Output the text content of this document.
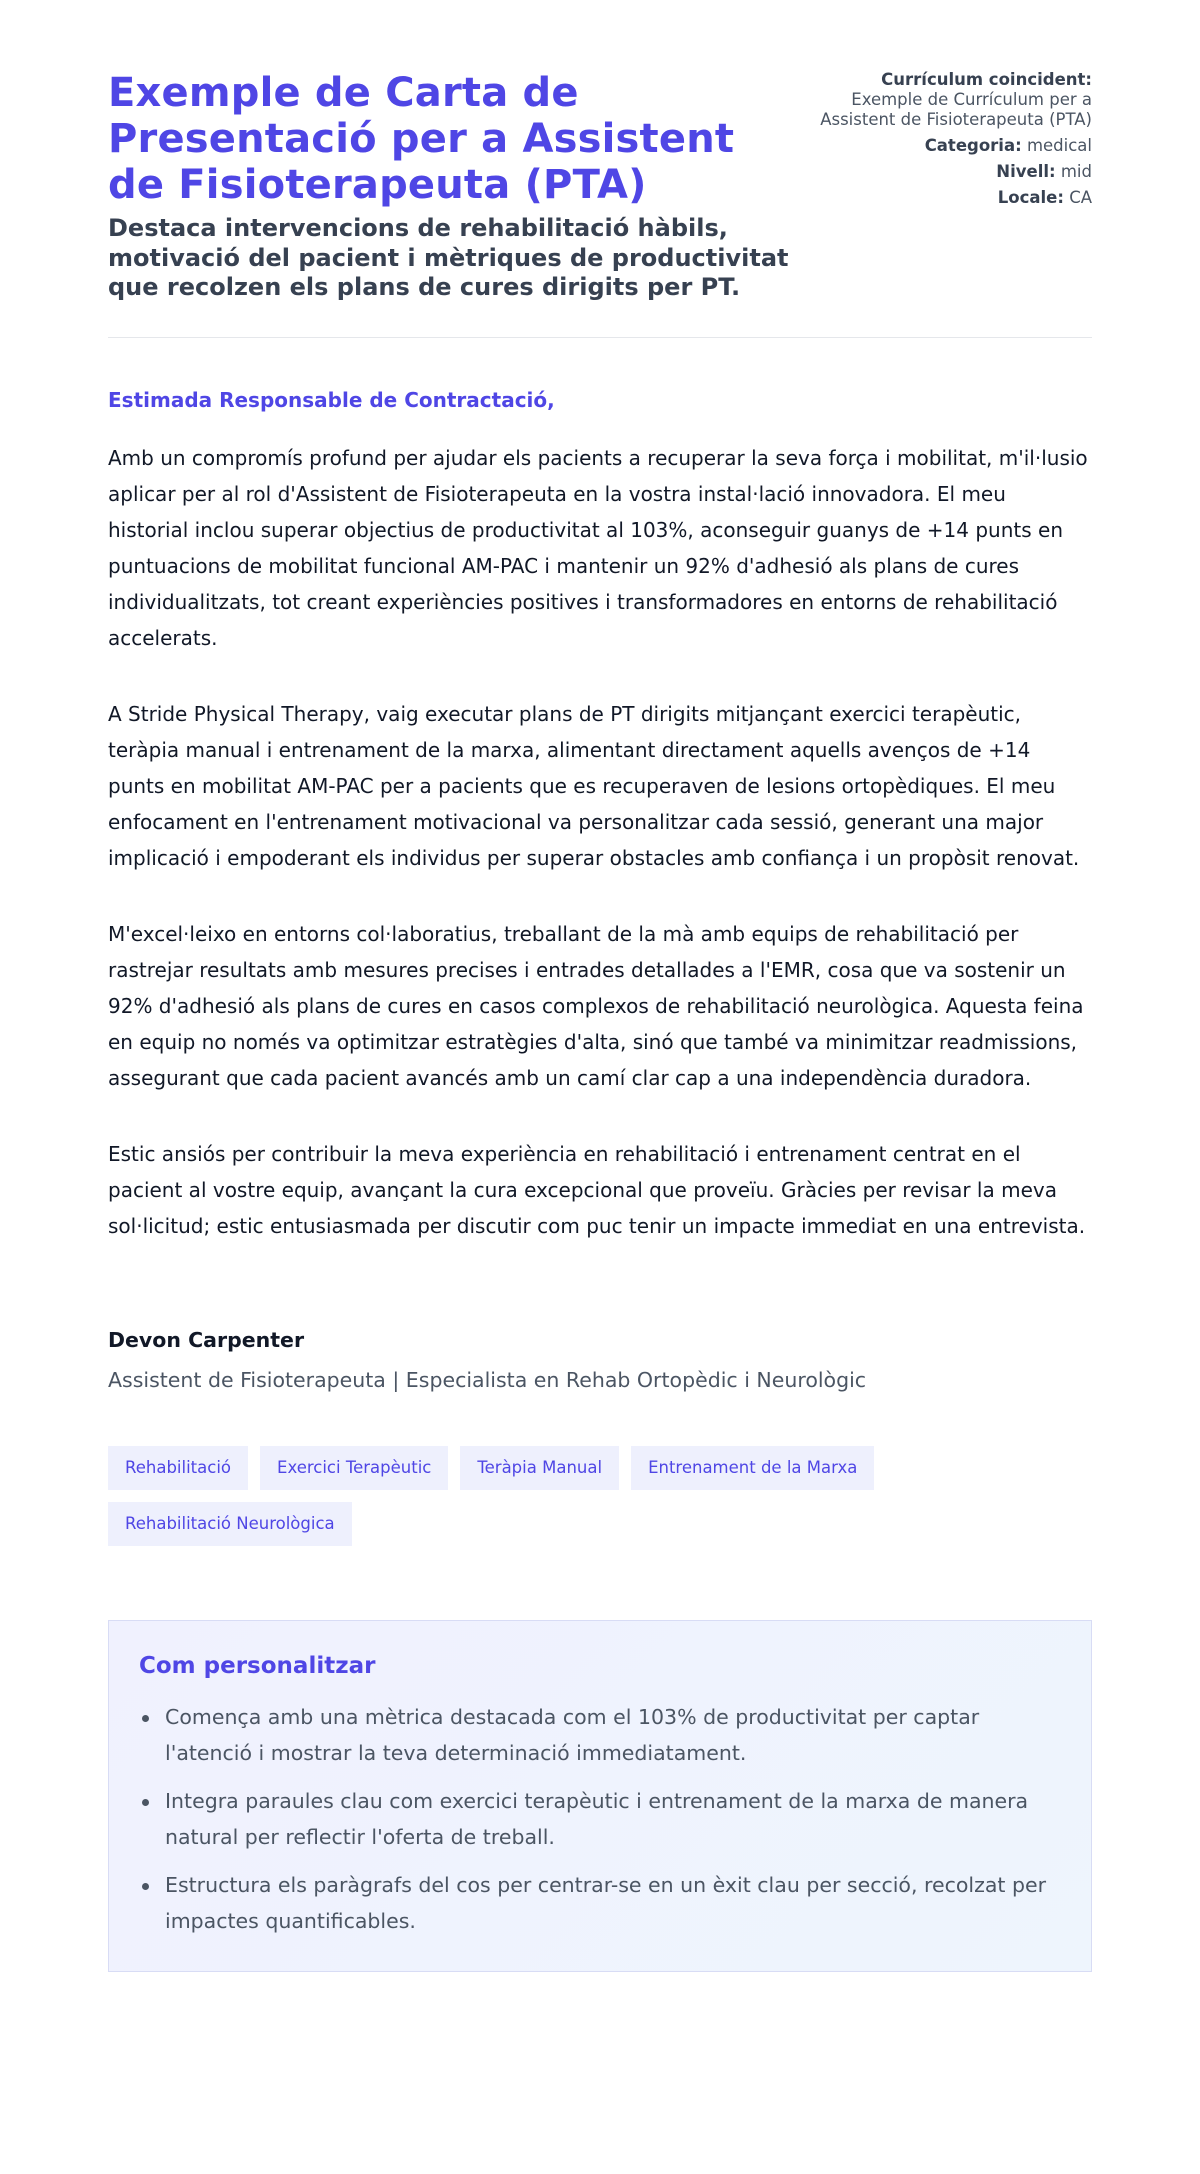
Exemple de Carta de Presentació per a Assistent de Fisioterapeuta (PTA)
Destaca intervencions de rehabilitació hàbils, motivació del pacient i mètriques de productivitat que recolzen els plans de cures dirigits per PT.
Currículum coincident:
Exemple de Currículum per a Assistent de Fisioterapeuta (PTA)
Categoria: medical
Nivell: mid
Locale: CA

Estimada Responsable de Contractació,

Amb un compromís profund per ajudar els pacients a recuperar la seva força i mobilitat, m'il·lusio aplicar per al rol d'Assistent de Fisioterapeuta en la vostra instal·lació innovadora. El meu historial inclou superar objectius de productivitat al 103%, aconseguir guanys de +14 punts en puntuacions de mobilitat funcional AM-PAC i mantenir un 92% d'adhesió als plans de cures individualitzats, tot creant experiències positives i transformadores en entorns de rehabilitació accelerats.

A Stride Physical Therapy, vaig executar plans de PT dirigits mitjançant exercici terapèutic, teràpia manual i entrenament de la marxa, alimentant directament aquells avenços de +14 punts en mobilitat AM-PAC per a pacients que es recuperaven de lesions ortopèdiques. El meu enfocament en l'entrenament motivacional va personalitzar cada sessió, generant una major implicació i empoderant els individus per superar obstacles amb confiança i un propòsit renovat.

M'excel·leixo en entorns col·laboratius, treballant de la mà amb equips de rehabilitació per rastrejar resultats amb mesures precises i entrades detallades a l'EMR, cosa que va sostenir un 92% d'adhesió als plans de cures en casos complexos de rehabilitació neurològica. Aquesta feina en equip no només va optimitzar estratègies d'alta, sinó que també va minimitzar readmissions, assegurant que cada pacient avancés amb un camí clar cap a una independència duradora.

Estic ansiós per contribuir la meva experiència en rehabilitació i entrenament centrat en el pacient al vostre equip, avançant la cura excepcional que proveïu. Gràcies per revisar la meva sol·licitud; estic entusiasmada per discutir com puc tenir un impacte immediat en una entrevista.

Devon Carpenter

Assistent de Fisioterapeuta | Especialista en Rehab Ortopèdic i Neurològic

Rehabilitació	Exercici Terapèutic	Teràpia Manual	Entrenament de la Marxa
Rehabilitació Neurològica
Com personalitzar
Comença amb una mètrica destacada com el 103% de productivitat per captar l'atenció i mostrar la teva determinació immediatament.
Integra paraules clau com exercici terapèutic i entrenament de la marxa de manera natural per reflectir l'oferta de treball.
Estructura els paràgrafs del cos per centrar-se en un èxit clau per secció, recolzat per impactes quantificables.
